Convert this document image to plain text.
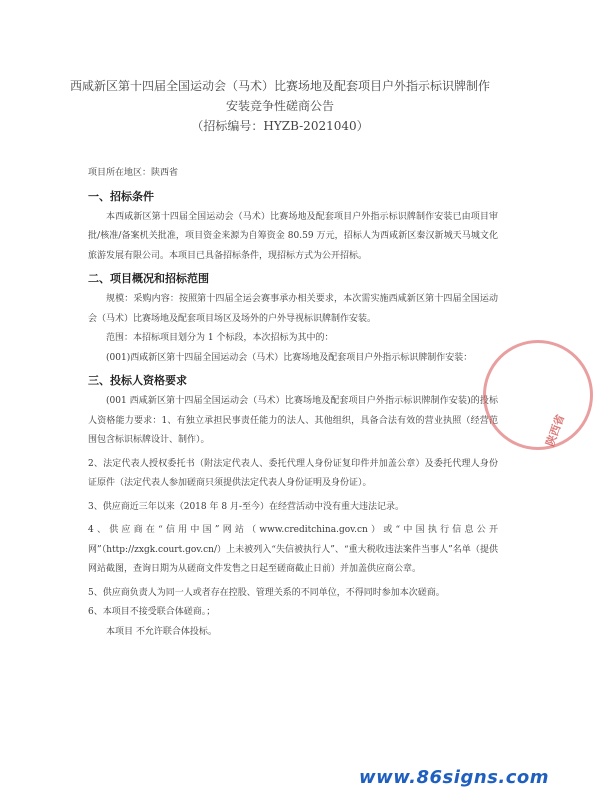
西咸新区第十四届全国运动会（马术）比赛场地及配套项目户外指示标识牌制作
安装竞争性磋商公告
（招标编号：HYZB-2021040）

项目所在地区：陕西省

一、招标条件

本西咸新区第十四届全国运动会（马术）比赛场地及配套项目户外指示标识牌制作安装已由项目审批/核准/备案机关批准，项目资金来源为自筹资金 80.59 万元，招标人为西咸新区秦汉新城天马城文化旅游发展有限公司。本项目已具备招标条件，现招标方式为公开招标。

二、项目概况和招标范围

规模：采购内容：按照第十四届全运会赛事承办相关要求，本次需实施西咸新区第十四届全国运动会（马术）比赛场地及配套项目场区及场外的户外导视标识牌制作安装。

范围：本招标项目划分为 1 个标段，本次招标为其中的：

(001)西咸新区第十四届全国运动会（马术）比赛场地及配套项目户外指示标识牌制作安装：

三、投标人资格要求

(001 西咸新区第十四届全国运动会（马术）比赛场地及配套项目户外指示标识牌制作安装)的投标人资格能力要求：1、有独立承担民事责任能力的法人、其他组织，具备合法有效的营业执照（经营范围包含标识标牌设计、制作）。

2、法定代表人授权委托书（附法定代表人、委托代理人身份证复印件并加盖公章）及委托代理人身份证原件（法定代表人参加磋商只须提供法定代表人身份证明及身份证）。

3、供应商近三年以来（2018 年 8 月-至今）在经营活动中没有重大违法记录。

4、供应商在“信用中国”网站（www.creditchina.gov.cn）或“中国执行信息公开网”（http://zxgk.court.gov.cn/）上未被列入“失信被执行人”、“重大税收违法案件当事人”名单（提供网站截图，查询日期为从磋商文件发售之日起至磋商截止日前）并加盖供应商公章。

5、供应商负责人为同一人或者存在控股、管理关系的不同单位，不得同时参加本次磋商。

6、本项目不接受联合体磋商。；

本项目 不允许联合体投标。

陕西省
www.86signs.com
